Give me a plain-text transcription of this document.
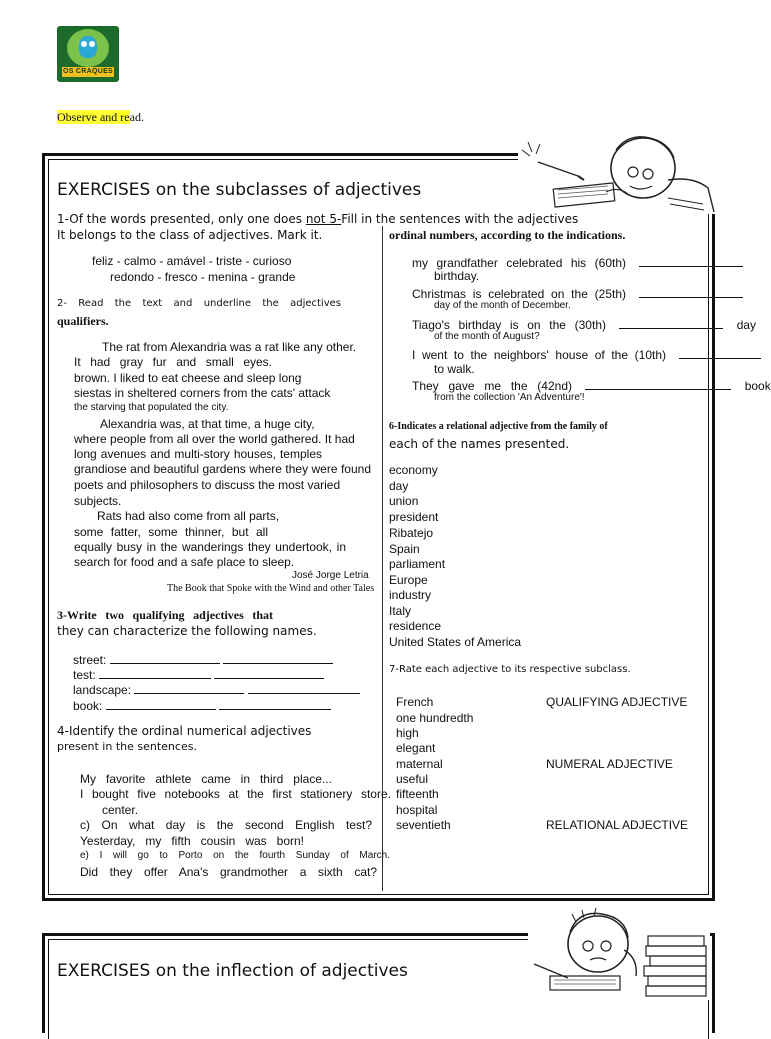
OS CRAQUES
Observe and read.
EXERCISES on the subclasses of adjectives
1-Of the words presented, only one does not 5-Fill in the sentences with the adjectives
It belongs to the class of adjectives. Mark it.
feliz - calmo - amável - triste - curioso
redondo - fresco - menina - grande
2- Read the text and underline the adjectives
qualifiers.
The rat from Alexandria was a rat like any other.
It had gray fur and small eyes.
brown. I liked to eat cheese and sleep long
siestas in sheltered corners from the cats' attack
the starving that populated the city.
Alexandria was, at that time, a huge city,
where people from all over the world gathered. It had
long avenues and multi-story houses, temples
grandiose and beautiful gardens where they were found
poets and philosophers to discuss the most varied
subjects.
Rats had also come from all parts,
some fatter, some thinner, but all
equally busy in the wanderings they undertook, in
search for food and a safe place to sleep.
José Jorge Letria
The Book that Spoke with the Wind and other Tales
3-Write two qualifying adjectives that
they can characterize the following names.
street:
test:
landscape:
book:
4-Identify the ordinal numerical adjectives
present in the sentences.
My favorite athlete came in third place...
I bought five notebooks at the first stationery store.
center.
c) On what day is the second English test?
Yesterday, my fifth cousin was born!
e) I will go to Porto on the fourth Sunday of March.
Did they offer Ana's grandmother a sixth cat?
ordinal numbers, according to the indications.
my grandfather celebrated his (60th)
birthday.
Christmas is celebrated on the (25th)
day of the month of December.
Tiago's birthday is on the (30th)	day
of the month of August?
I went to the neighbors' house of the (10th)
to walk.
They gave me the (42nd)	book
from the collection 'An Adventure'!
6-Indicates a relational adjective from the family of
each of the names presented.
economy
day
union
president
Ribatejo
Spain
parliament
Europe
industry
Italy
residence
United States of America
7-Rate each adjective to its respective subclass.
French
one hundredth
high
elegant
maternal
useful
fifteenth
hospital
seventieth
QUALIFYING ADJECTIVE
NUMERAL ADJECTIVE
RELATIONAL ADJECTIVE
EXERCISES on the inflection of adjectives
